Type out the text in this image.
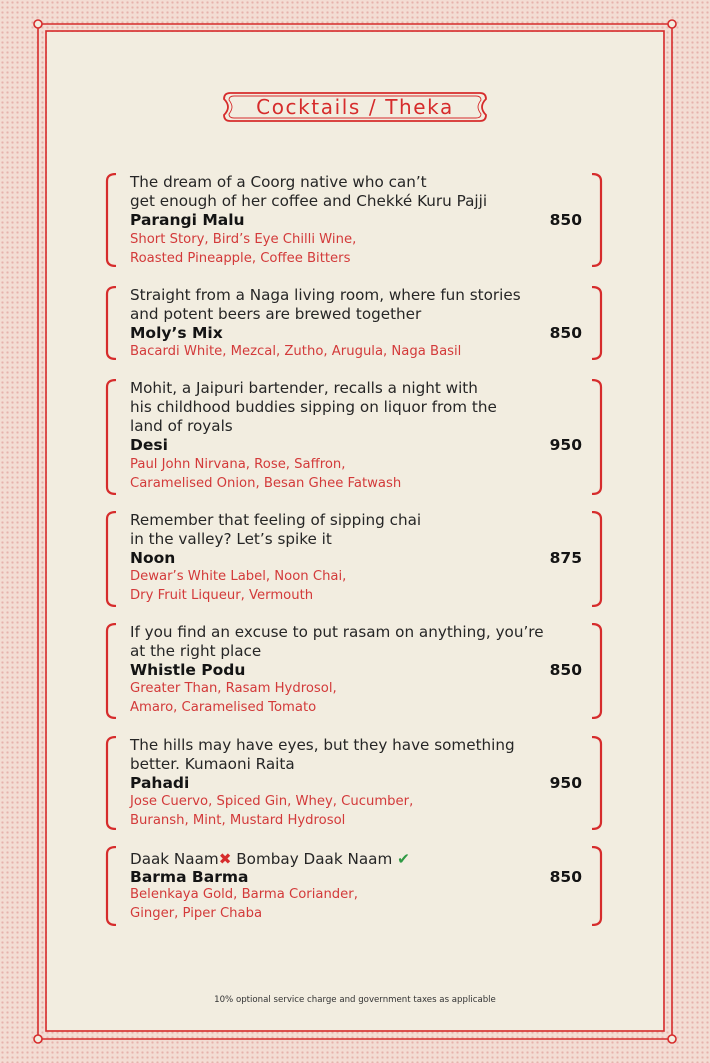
Cocktails / Theka
The dream of a Coorg native who can’t
get enough of her coffee and Chekké Kuru Pajji
Parangi Malu	850
Short Story, Bird’s Eye Chilli Wine,
Roasted Pineapple, Coffee Bitters
Straight from a Naga living room, where fun stories
and potent beers are brewed together
Moly’s Mix	850
Bacardi White, Mezcal, Zutho, Arugula, Naga Basil
Mohit, a Jaipuri bartender, recalls a night with
his childhood buddies sipping on liquor from the
land of royals
Desi	950
Paul John Nirvana, Rose, Saffron,
Caramelised Onion, Besan Ghee Fatwash
Remember that feeling of sipping chai
in the valley? Let’s spike it
Noon	875
Dewar’s White Label, Noon Chai,
Dry Fruit Liqueur, Vermouth
If you find an excuse to put rasam on anything, you’re
at the right place
Whistle Podu	850
Greater Than, Rasam Hydrosol,
Amaro, Caramelised Tomato
The hills may have eyes, but they have something
better. Kumaoni Raita
Pahadi	950
Jose Cuervo, Spiced Gin, Whey, Cucumber,
Buransh, Mint, Mustard Hydrosol
Daak Naam✖ Bombay Daak Naam ✔
Barma Barma	850
Belenkaya Gold, Barma Coriander,
Ginger, Piper Chaba
10% optional service charge and government taxes as applicable
